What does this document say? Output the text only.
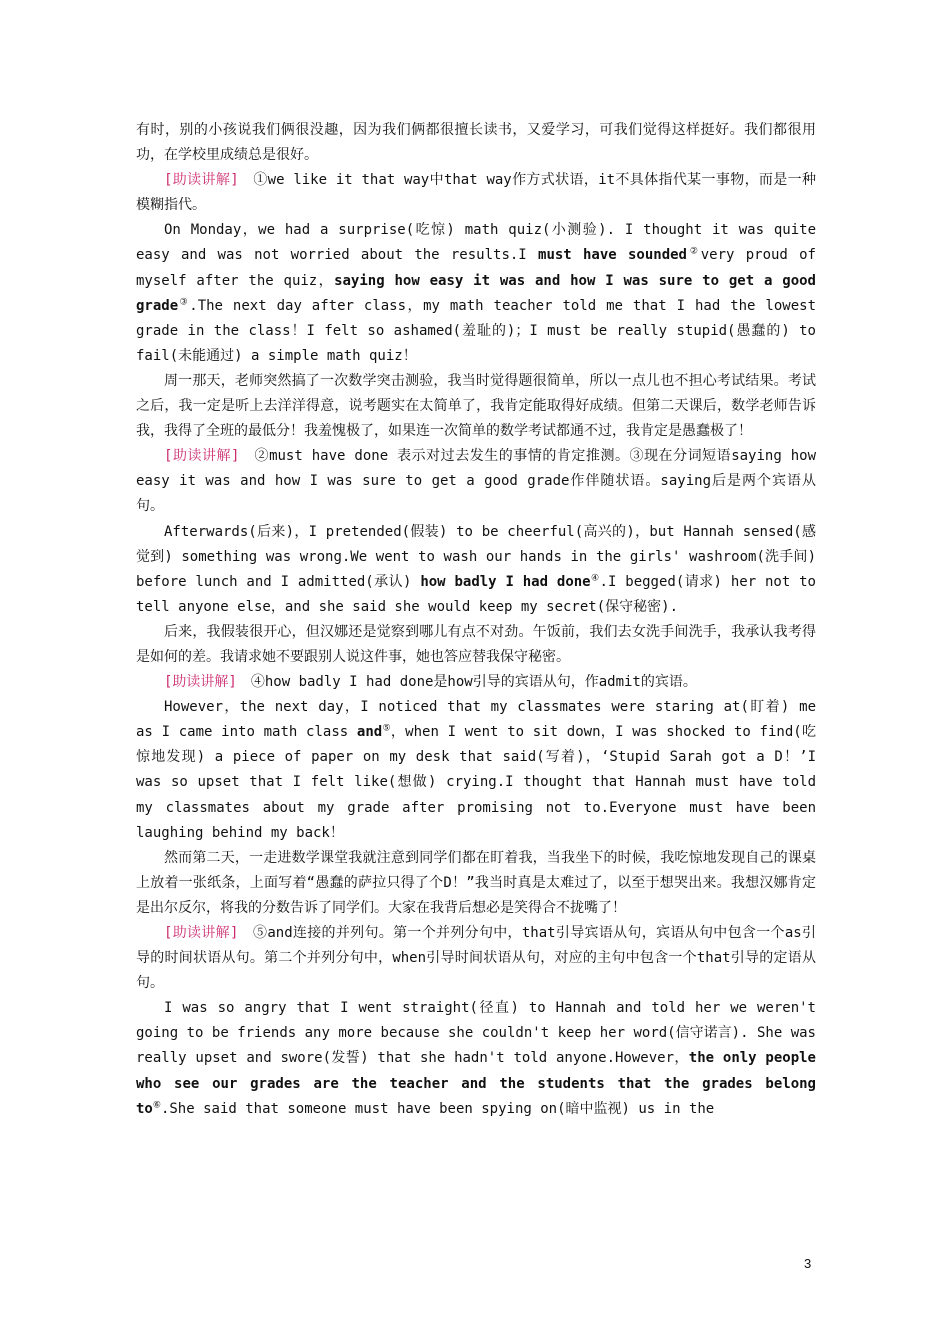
有时，别的小孩说我们俩很没趣，因为我们俩都很擅长读书，又爱学习，可我们觉得这样挺好。我们都很用功，在学校里成绩总是很好。

[助读讲解]　①we like it that way中that way作方式状语，it不具体指代某一事物，而是一种模糊指代。

On Monday，we had a surprise(吃惊) math quiz(小测验). I thought it was quite easy and was not worried about the results.I must have sounded②very proud of myself after the quiz，saying how easy it was and how I was sure to get a good grade③.The next day after class，my math teacher told me that I had the lowest grade in the class！I felt so ashamed(羞耻的)；I must be really stupid(愚蠢的) to fail(未能通过) a simple math quiz！

周一那天，老师突然搞了一次数学突击测验，我当时觉得题很简单，所以一点儿也不担心考试结果。考试之后，我一定是听上去洋洋得意，说考题实在太简单了，我肯定能取得好成绩。但第二天课后，数学老师告诉我，我得了全班的最低分！我羞愧极了，如果连一次简单的数学考试都通不过，我肯定是愚蠢极了！

[助读讲解]　②must have done 表示对过去发生的事情的肯定推测。③现在分词短语saying how easy it was and how I was sure to get a good grade作伴随状语。saying后是两个宾语从句。

Afterwards(后来)，I pretended(假装) to be cheerful(高兴的)，but Hannah sensed(感觉到) something was wrong.We went to wash our hands in the girls' washroom(洗手间) before lunch and I admitted(承认) how badly I had done④.I begged(请求) her not to tell anyone else，and she said she would keep my secret(保守秘密).

后来，我假装很开心，但汉娜还是觉察到哪儿有点不对劲。午饭前，我们去女洗手间洗手，我承认我考得是如何的差。我请求她不要跟别人说这件事，她也答应替我保守秘密。

[助读讲解]　④how badly I had done是how引导的宾语从句，作admit的宾语。

However，the next day，I noticed that my classmates were staring at(盯着) me as I came into math class and⑤，when I went to sit down，I was shocked to find(吃惊地发现) a piece of paper on my desk that said(写着)，‘Stupid Sarah got a D！’I was so upset that I felt like(想做) crying.I thought that Hannah must have told my classmates about my grade after promising not to.Everyone must have been laughing behind my back！

然而第二天，一走进数学课堂我就注意到同学们都在盯着我，当我坐下的时候，我吃惊地发现自己的课桌上放着一张纸条，上面写着“愚蠢的萨拉只得了个D！”我当时真是太难过了，以至于想哭出来。我想汉娜肯定是出尔反尔，将我的分数告诉了同学们。大家在我背后想必是笑得合不拢嘴了！

[助读讲解]　⑤and连接的并列句。第一个并列分句中，that引导宾语从句，宾语从句中包含一个as引导的时间状语从句。第二个并列分句中，when引导时间状语从句，对应的主句中包含一个that引导的定语从句。

I was so angry that I went straight(径直) to Hannah and told her we weren't going to be friends any more because she couldn't keep her word(信守诺言). She was really upset and swore(发誓) that she hadn't told anyone.However，the only people who see our grades are the teacher and the students that the grades belong to⑥.She said that someone must have been spying on(暗中监视) us in the

3
